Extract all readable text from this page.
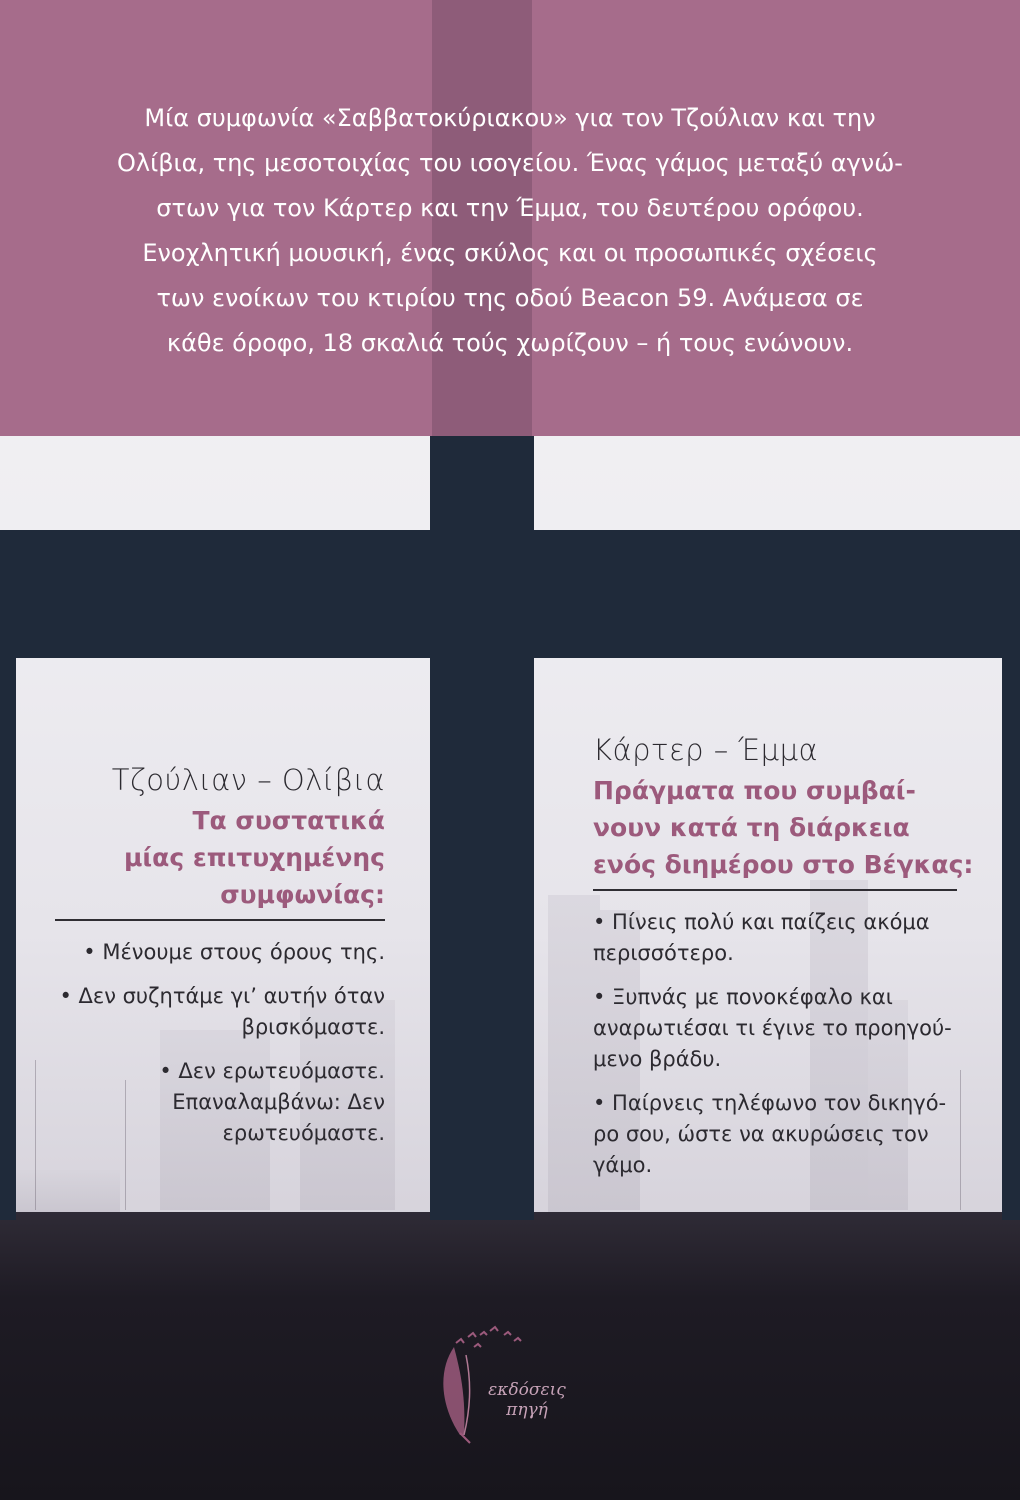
Μία συμφωνία «Σαββατοκύριακου» για τον Τζούλιαν και την
Ολίβια, της μεσοτοιχίας του ισογείου. Ένας γάμος μεταξύ αγνώ-
στων για τον Κάρτερ και την Έμμα, του δευτέρου ορόφου.
Ενοχλητική μουσική, ένας σκύλος και οι προσωπικές σχέσεις
των ενοίκων του κτιρίου της οδού Beacon 59. Ανάμεσα σε
κάθε όροφο, 18 σκαλιά τούς χωρίζουν – ή τους ενώνουν.

Τζούλιαν – Ολίβια

Τα συστατικά
μίας επιτυχημένης
συμφωνίας:

• Μένουμε στους όρους της.

• Δεν συζητάμε γι’ αυτήν όταν
βρισκόμαστε.

• Δεν ερωτευόμαστε.
Επαναλαμβάνω: Δεν
ερωτευόμαστε.

Κάρτερ – Έμμα

Πράγματα που συμβαί-
νουν κατά τη διάρκεια
ενός διημέρου στο Βέγκας:

• Πίνεις πολύ και παίζεις ακόμα
περισσότερο.

• Ξυπνάς με πονοκέφαλο και
αναρωτιέσαι τι έγινε το προηγού-
μενο βράδυ.

• Παίρνεις τηλέφωνο τον δικηγό-
ρο σου, ώστε να ακυρώσεις τον
γάμο.

εκδόσεις
πηγή
